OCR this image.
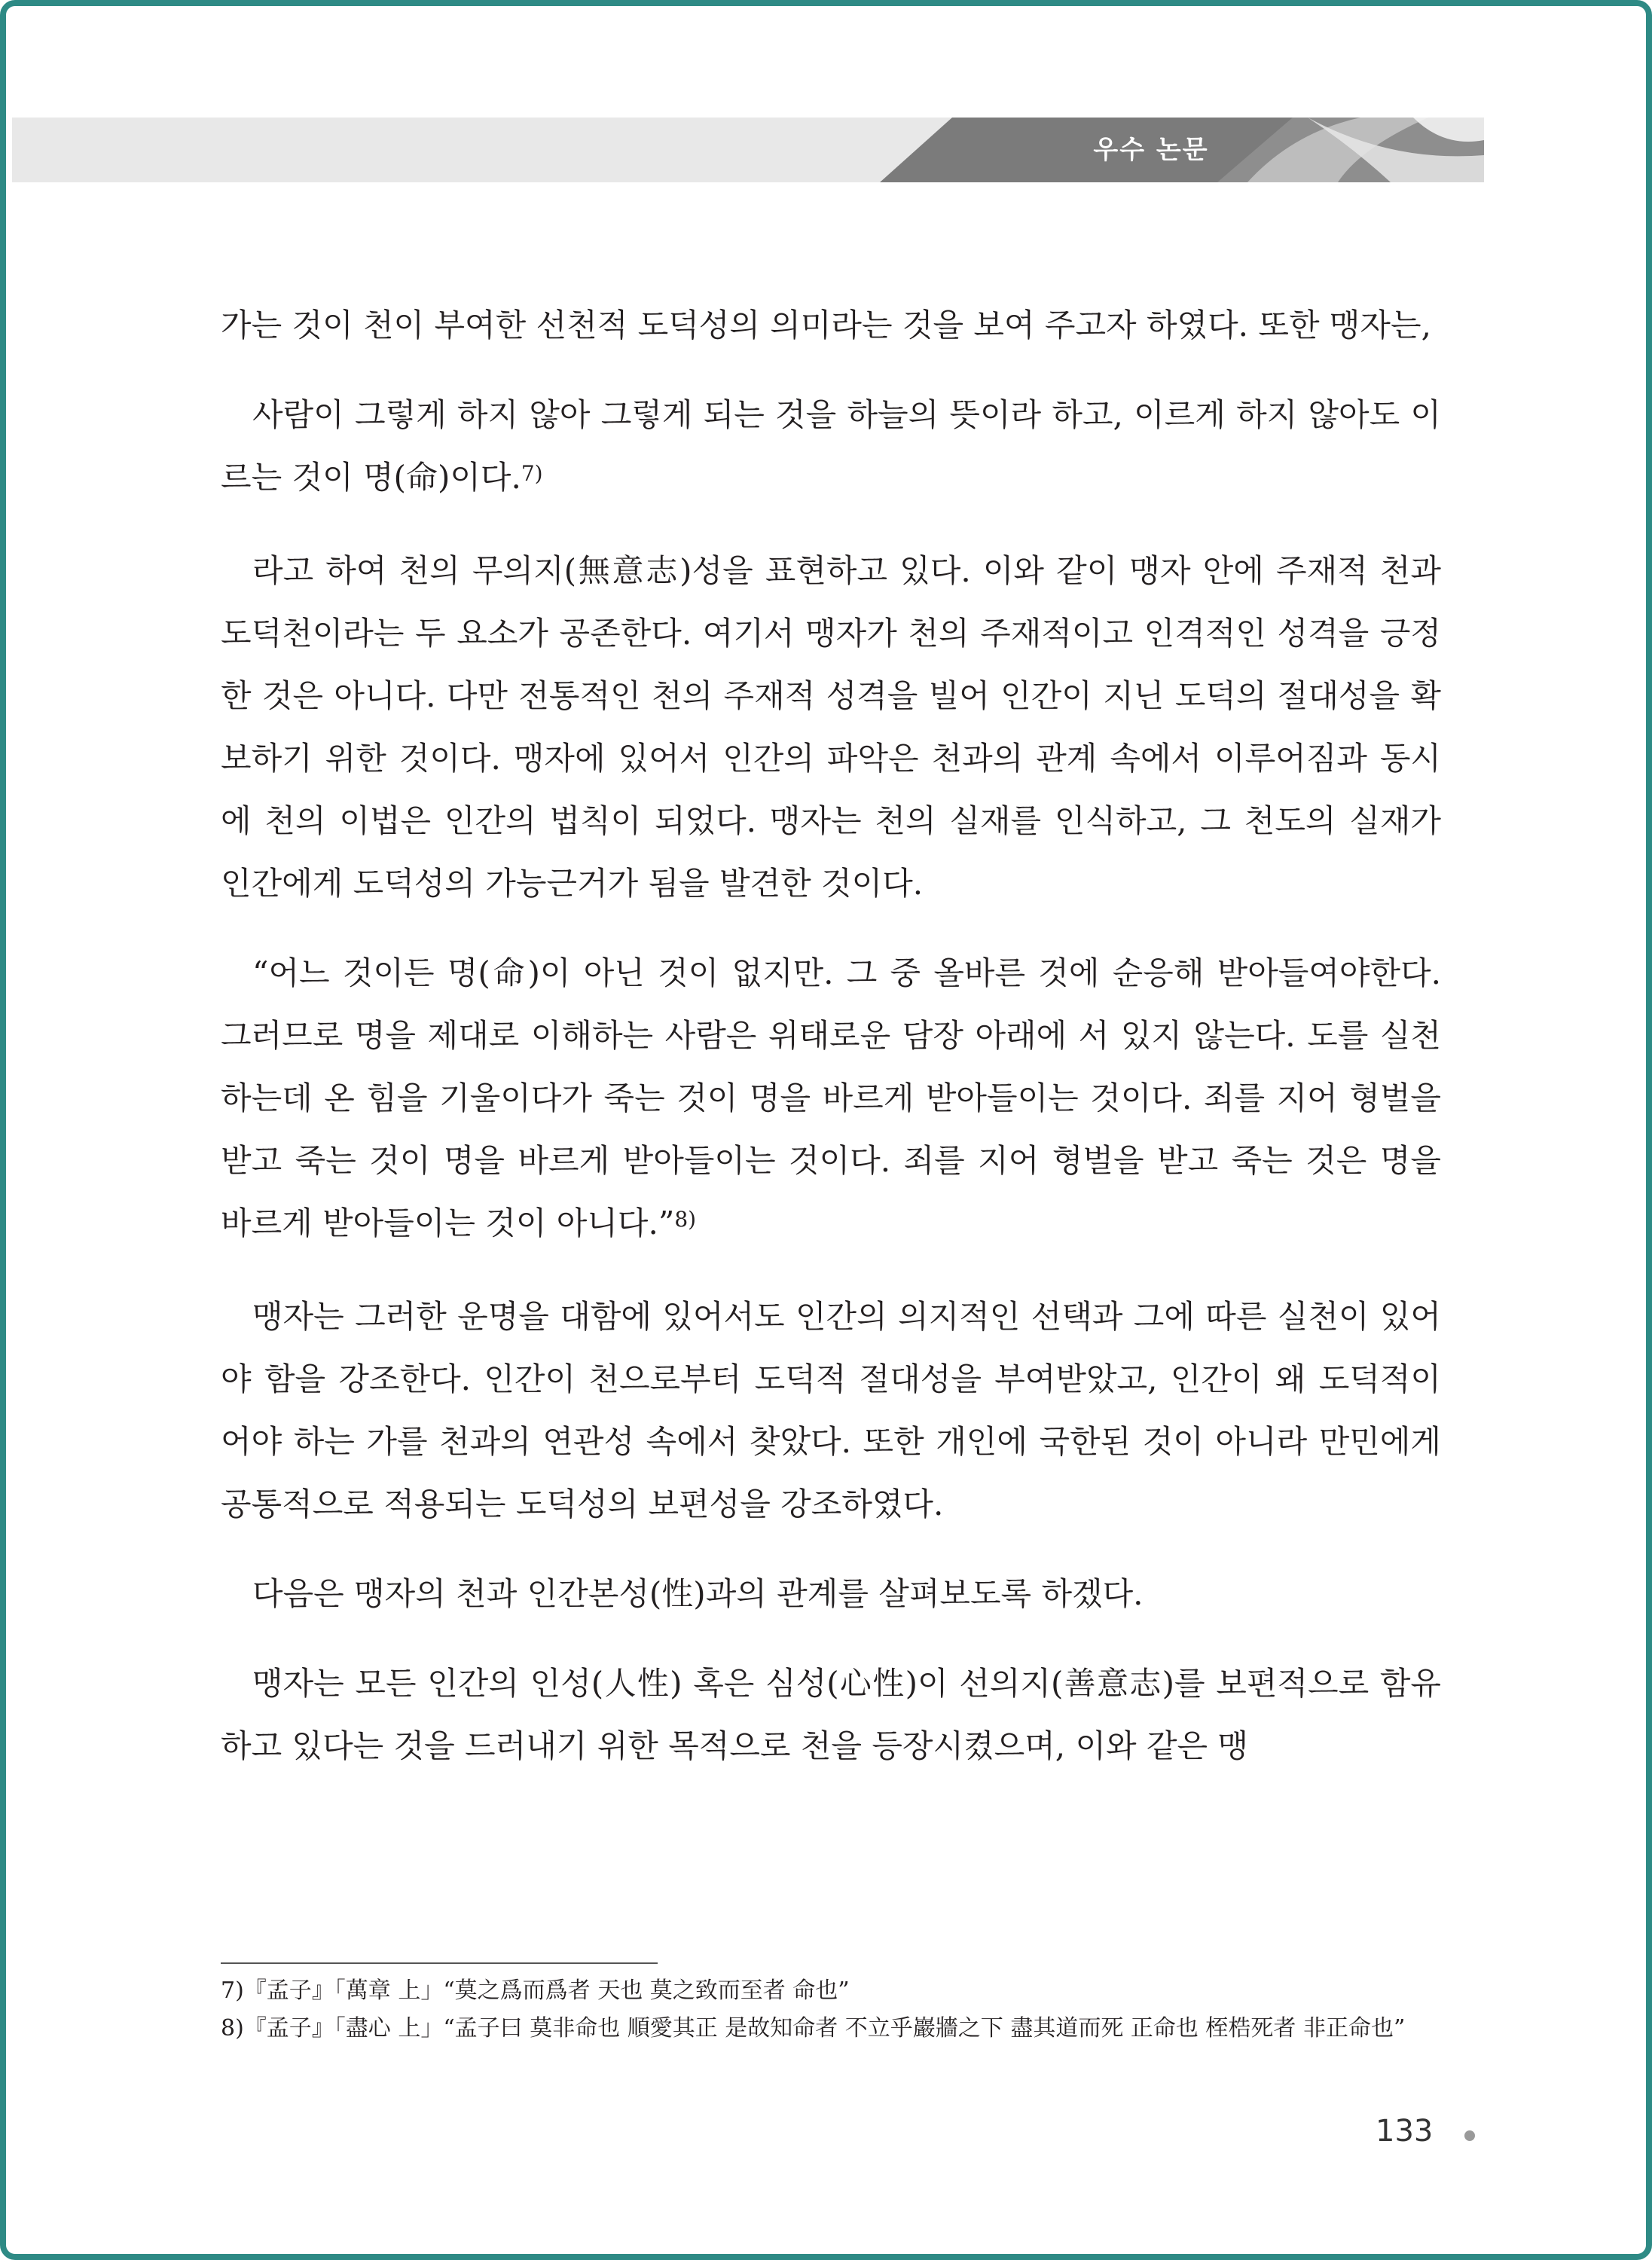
우수 논문

가는 것이 천이 부여한 선천적 도덕성의 의미라는 것을 보여 주고자 하였다. 또한 맹자는,

사람이 그렇게 하지 않아 그렇게 되는 것을 하늘의 뜻이라 하고, 이르게 하지 않아도 이르는 것이 명(命)이다.$^{7)}$

라고 하여 천의 무의지(無意志)성을 표현하고 있다. 이와 같이 맹자 안에 주재적 천과 도덕천이라는 두 요소가 공존한다. 여기서 맹자가 천의 주재적이고 인격적인 성격을 긍정한 것은 아니다. 다만 전통적인 천의 주재적 성격을 빌어 인간이 지닌 도덕의 절대성을 확보하기 위한 것이다. 맹자에 있어서 인간의 파악은 천과의 관계 속에서 이루어짐과 동시에 천의 이법은 인간의 법칙이 되었다. 맹자는 천의 실재를 인식하고, 그 천도의 실재가 인간에게 도덕성의 가능근거가 됨을 발견한 것이다.

“어느 것이든 명(命)이 아닌 것이 없지만. 그 중 올바른 것에 순응해 받아들여야한다. 그러므로 명을 제대로 이해하는 사람은 위태로운 담장 아래에 서 있지 않는다. 도를 실천하는데 온 힘을 기울이다가 죽는 것이 명을 바르게 받아들이는 것이다. 죄를 지어 형벌을 받고 죽는 것이 명을 바르게 받아들이는 것이다. 죄를 지어 형벌을 받고 죽는 것은 명을 바르게 받아들이는 것이 아니다.”$^{8)}$

맹자는 그러한 운명을 대함에 있어서도 인간의 의지적인 선택과 그에 따른 실천이 있어야 함을 강조한다. 인간이 천으로부터 도덕적 절대성을 부여받았고, 인간이 왜 도덕적이어야 하는 가를 천과의 연관성 속에서 찾았다. 또한 개인에 국한된 것이 아니라 만민에게 공통적으로 적용되는 도덕성의 보편성을 강조하였다.

다음은 맹자의 천과 인간본성(性)과의 관계를 살펴보도록 하겠다.

맹자는 모든 인간의 인성(人性) 혹은 심성(心性)이 선의지(善意志)를 보편적으로 함유하고 있다는 것을 드러내기 위한 목적으로 천을 등장시켰으며, 이와 같은 맹

7)『孟子』「萬章 上」“莫之爲而爲者 天也 莫之致而至者 命也”
8)『孟子』「盡心 上」“孟子曰 莫非命也 順愛其正 是故知命者 不立乎巖牆之下 盡其道而死 正命也 桎梏死者 非正命也”
133
